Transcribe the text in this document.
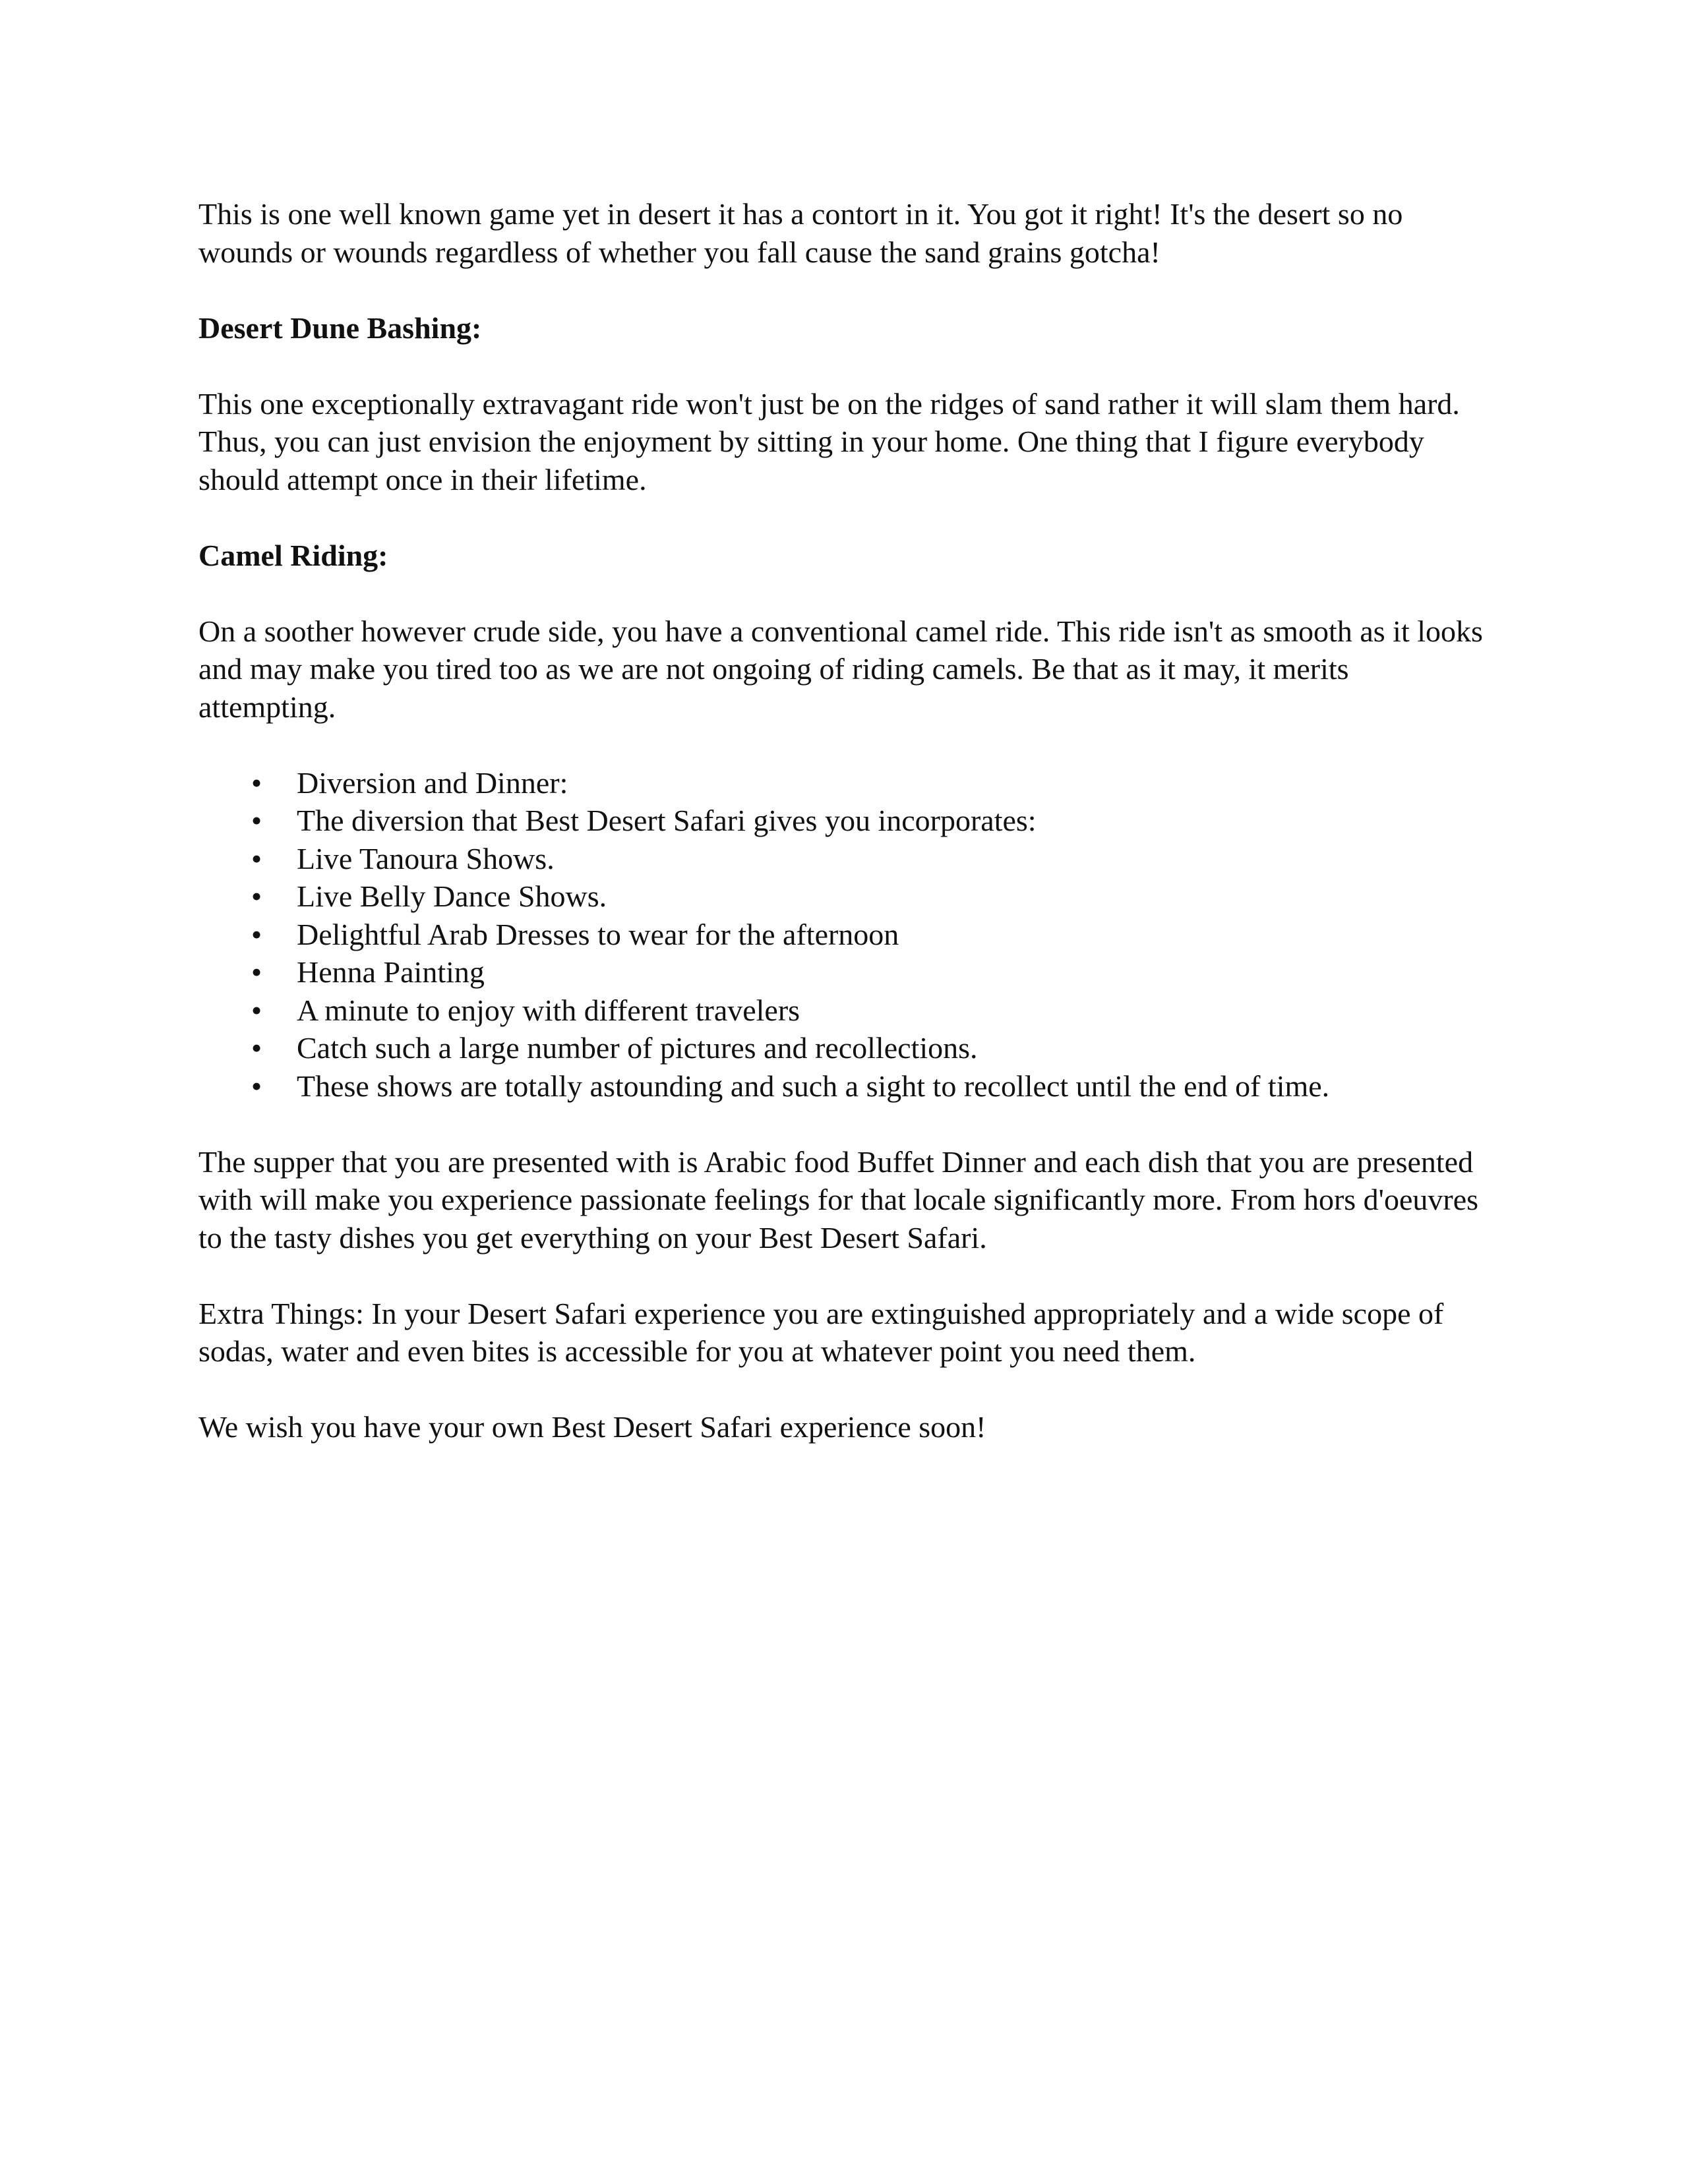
This is one well known game yet in desert it has a contort in it. You got it right! It's the desert so no wounds or wounds regardless of whether you fall cause the sand grains gotcha!

Desert Dune Bashing:

This one exceptionally extravagant ride won't just be on the ridges of sand rather it will slam them hard. Thus, you can just envision the enjoyment by sitting in your home. One thing that I figure everybody should attempt once in their lifetime.

Camel Riding:

On a soother however crude side, you have a conventional camel ride. This ride isn't as smooth as it looks and may make you tired too as we are not ongoing of riding camels. Be that as it may, it merits attempting.

• Diversion and Dinner:
• The diversion that Best Desert Safari gives you incorporates:
• Live Tanoura Shows.
• Live Belly Dance Shows.
• Delightful Arab Dresses to wear for the afternoon
• Henna Painting
• A minute to enjoy with different travelers
• Catch such a large number of pictures and recollections.
• These shows are totally astounding and such a sight to recollect until the end of time.

The supper that you are presented with is Arabic food Buffet Dinner and each dish that you are presented with will make you experience passionate feelings for that locale significantly more. From hors d'oeuvres to the tasty dishes you get everything on your Best Desert Safari.

Extra Things: In your Desert Safari experience you are extinguished appropriately and a wide scope of sodas, water and even bites is accessible for you at whatever point you need them.

We wish you have your own Best Desert Safari experience soon!
